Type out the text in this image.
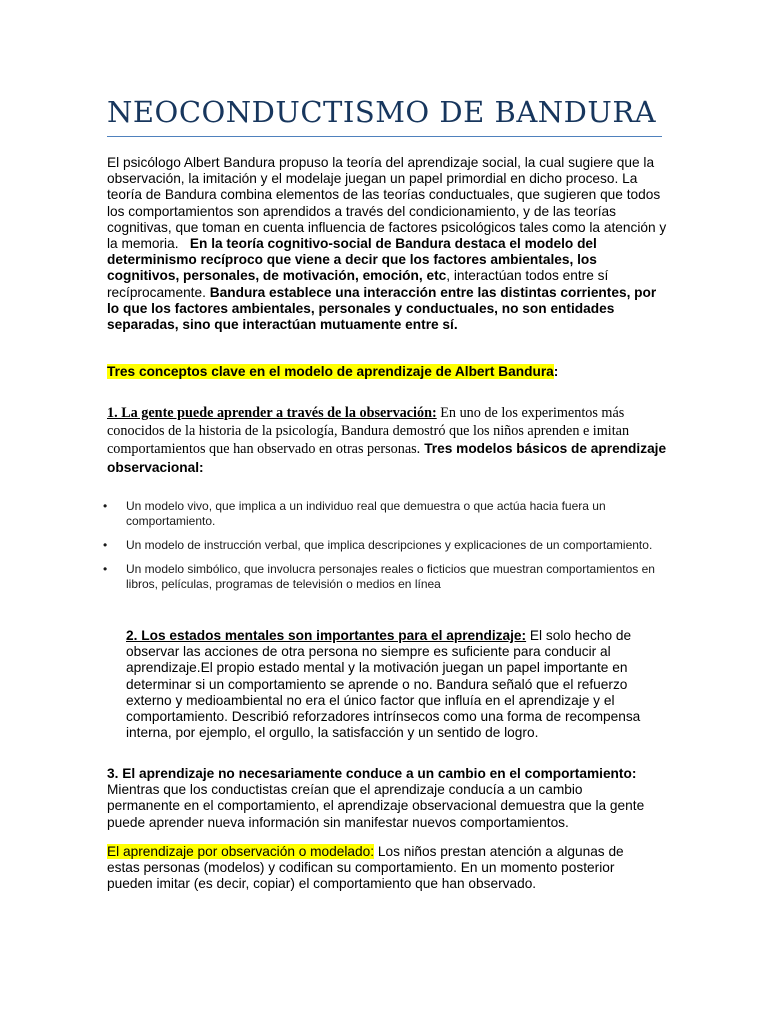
NEOCONDUCTISMO DE BANDURA

El psicólogo Albert Bandura propuso la teoría del aprendizaje social, la cual sugiere que la observación, la imitación y el modelaje juegan un papel primordial en dicho proceso. La teoría de Bandura combina elementos de las teorías conductuales, que sugieren que todos los comportamientos son aprendidos a través del condicionamiento, y de las teorías cognitivas, que toman en cuenta influencia de factores psicológicos tales como la atención y la memoria. En la teoría cognitivo-social de Bandura destaca el modelo del determinismo recíproco que viene a decir que los factores ambientales, los cognitivos, personales, de motivación, emoción, etc, interactúan todos entre sí recíprocamente. Bandura establece una interacción entre las distintas corrientes, por lo que los factores ambientales, personales y conductuales, no son entidades separadas, sino que interactúan mutuamente entre sí.

Tres conceptos clave en el modelo de aprendizaje de Albert Bandura:

1. La gente puede aprender a través de la observación: En uno de los experimentos más conocidos de la historia de la psicología, Bandura demostró que los niños aprenden e imitan comportamientos que han observado en otras personas. Tres modelos básicos de aprendizaje observacional:

• Un modelo vivo, que implica a un individuo real que demuestra o que actúa hacia fuera un comportamiento.
• Un modelo de instrucción verbal, que implica descripciones y explicaciones de un comportamiento.
• Un modelo simbólico, que involucra personajes reales o ficticios que muestran comportamientos en libros, películas, programas de televisión o medios en línea

2. Los estados mentales son importantes para el aprendizaje: El solo hecho de observar las acciones de otra persona no siempre es suficiente para conducir al aprendizaje.El propio estado mental y la motivación juegan un papel importante en determinar si un comportamiento se aprende o no. Bandura señaló que el refuerzo externo y medioambiental no era el único factor que influía en el aprendizaje y el comportamiento. Describió reforzadores intrínsecos como una forma de recompensa interna, por ejemplo, el orgullo, la satisfacción y un sentido de logro.

3. El aprendizaje no necesariamente conduce a un cambio en el comportamiento:
Mientras que los conductistas creían que el aprendizaje conducía a un cambio permanente en el comportamiento, el aprendizaje observacional demuestra que la gente puede aprender nueva información sin manifestar nuevos comportamientos.

El aprendizaje por observación o modelado: Los niños prestan atención a algunas de estas personas (modelos) y codifican su comportamiento. En un momento posterior pueden imitar (es decir, copiar) el comportamiento que han observado.
